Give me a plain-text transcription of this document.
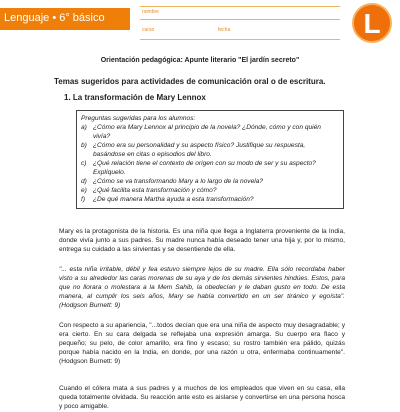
Lenguaje • 6° básico	nombre
curso	fecha	L
Orientación pedagógica: Apunte literario "El jardín secreto"
Temas sugeridos para actividades de comunicación oral o de escritura.
1. La transformación de Mary Lennox
Preguntas sugeridas para los alumnos:
a) ¿Cómo era Mary Lennox al principio de la novela? ¿Dónde, cómo y con quién
vivía?
b) ¿Cómo era su personalidad y su aspecto físico? Justifique su respuesta,
basándose en citas o episodios del libro.
c) ¿Qué relación tiene el contexto de origen con su modo de ser y su aspecto?
Explíquelo.
d) ¿Cómo se va transformando Mary a lo largo de la novela?
e) ¿Qué facilita esta transformación y cómo?
f) ¿De qué manera Martha ayuda a esta transformación?

Mary es la protagonista de la historia. Es una niña que llega a Inglaterra proveniente de la India, donde vivía junto a sus padres. Su madre nunca había deseado tener una hija y, por lo mismo, entrega su cuidado a las sirvientas y se desentiende de ella.

"... esta niña irritable, débil y fea estuvo siempre lejos de su madre. Ella sólo recordaba haber visto a su alrededor las caras morenas de su aya y de los demás sirvientes hindúes. Estos, para que no llorara o molestara a la Mem Sahib, la obedecían y le daban gusto en todo. De esta manera, al cumplir los seis años, Mary se había convertido en un ser tiránico y egoísta". (Hodgson Burnett: 9)

Con respecto a su apariencia, "...todos decían que era una niña de aspecto muy desagradable; y era cierto. En su cara delgada se reflejaba una expresión amarga. Su cuerpo era flaco y pequeño; su pelo, de color amarillo, era fino y escaso; su rostro también era pálido, quizás porque había nacido en la India, en donde, por una razón u otra, enfermaba continuamente". (Hodgson Burnett: 9)

Cuando el cólera mata a sus padres y a muchos de los empleados que viven en su casa, ella queda totalmente olvidada. Su reacción ante esto es aislarse y convertirse en una persona hosca y poco amigable.
